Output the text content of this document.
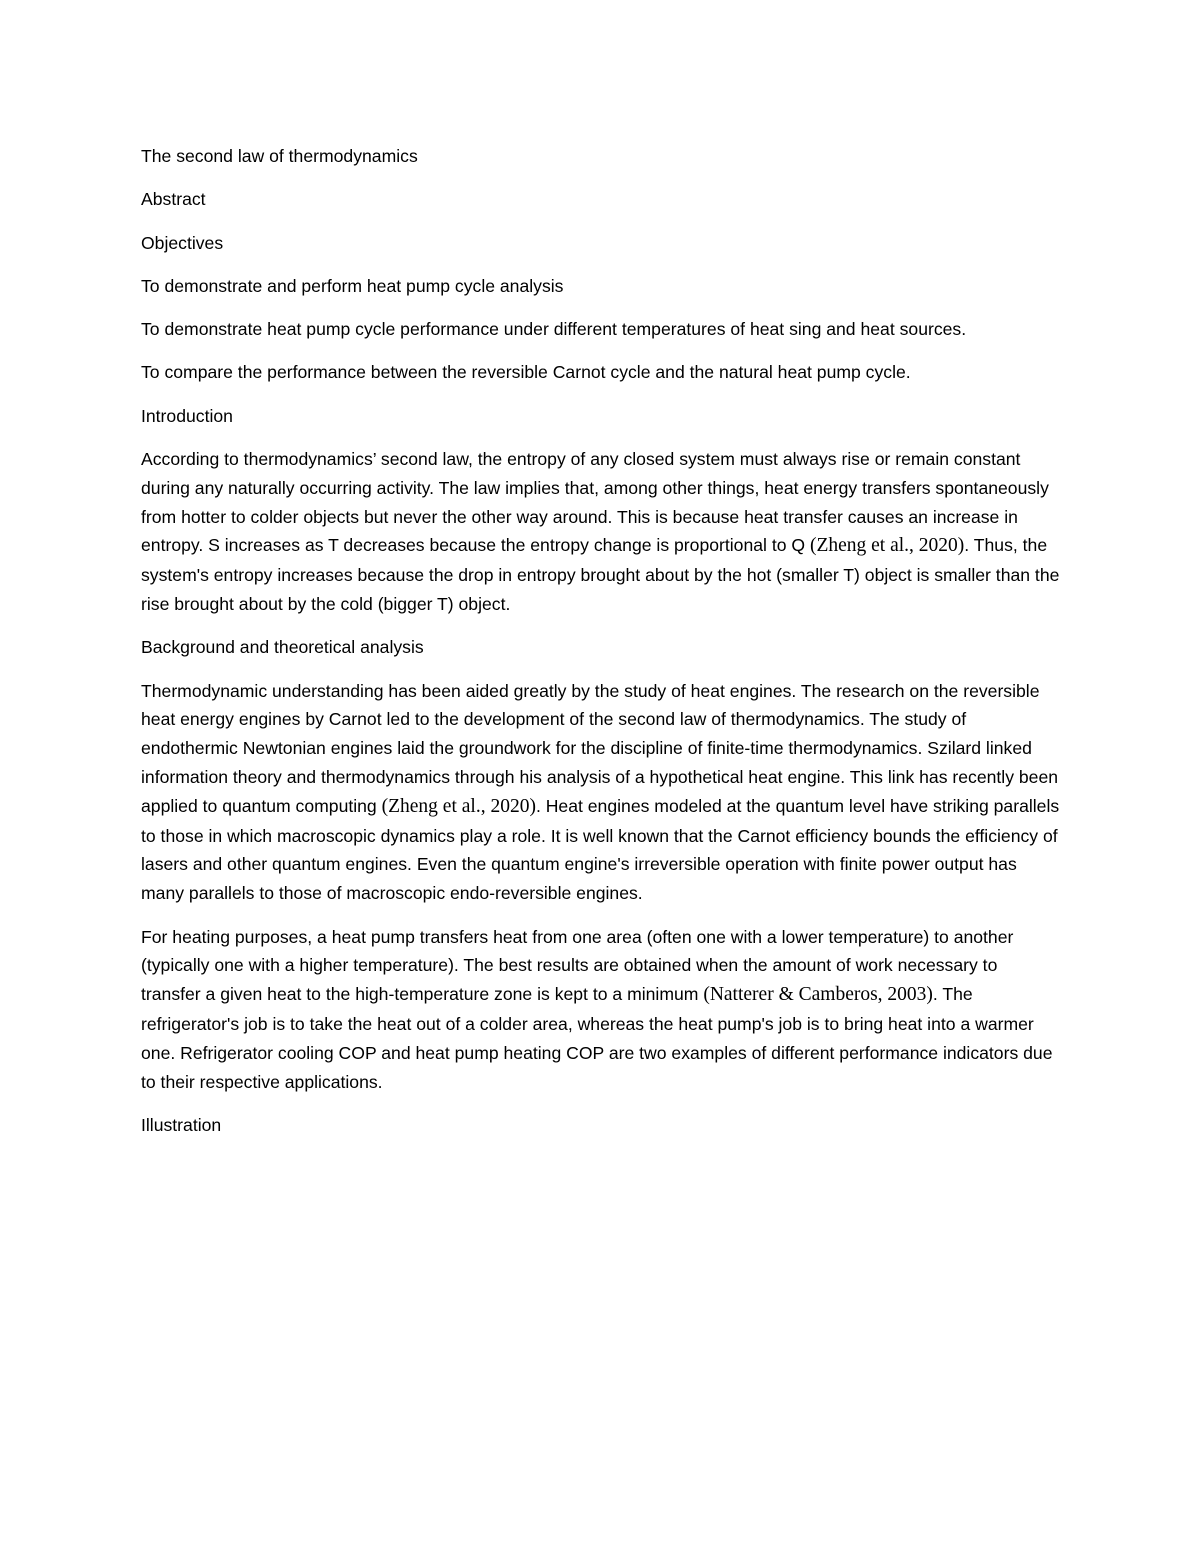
The second law of thermodynamics

Abstract

Objectives

To demonstrate and perform heat pump cycle analysis

To demonstrate heat pump cycle performance under different temperatures of heat sing and heat sources.

To compare the performance between the reversible Carnot cycle and the natural heat pump cycle.

Introduction

According to thermodynamics’ second law, the entropy of any closed system must always rise or remain constant during any naturally occurring activity. The law implies that, among other things, heat energy transfers spontaneously from hotter to colder objects but never the other way around. This is because heat transfer causes an increase in entropy. S increases as T decreases because the entropy change is proportional to Q (Zheng et al., 2020). Thus, the system's entropy increases because the drop in entropy brought about by the hot (smaller T) object is smaller than the rise brought about by the cold (bigger T) object.

Background and theoretical analysis

Thermodynamic understanding has been aided greatly by the study of heat engines. The research on the reversible heat energy engines by Carnot led to the development of the second law of thermodynamics. The study of endothermic Newtonian engines laid the groundwork for the discipline of finite-time thermodynamics. Szilard linked information theory and thermodynamics through his analysis of a hypothetical heat engine. This link has recently been applied to quantum computing (Zheng et al., 2020). Heat engines modeled at the quantum level have striking parallels to those in which macroscopic dynamics play a role. It is well known that the Carnot efficiency bounds the efficiency of lasers and other quantum engines. Even the quantum engine's irreversible operation with finite power output has many parallels to those of macroscopic endo-reversible engines.

For heating purposes, a heat pump transfers heat from one area (often one with a lower temperature) to another (typically one with a higher temperature). The best results are obtained when the amount of work necessary to transfer a given heat to the high-temperature zone is kept to a minimum (Natterer & Camberos, 2003). The refrigerator's job is to take the heat out of a colder area, whereas the heat pump's job is to bring heat into a warmer one. Refrigerator cooling COP and heat pump heating COP are two examples of different performance indicators due to their respective applications.

Illustration
